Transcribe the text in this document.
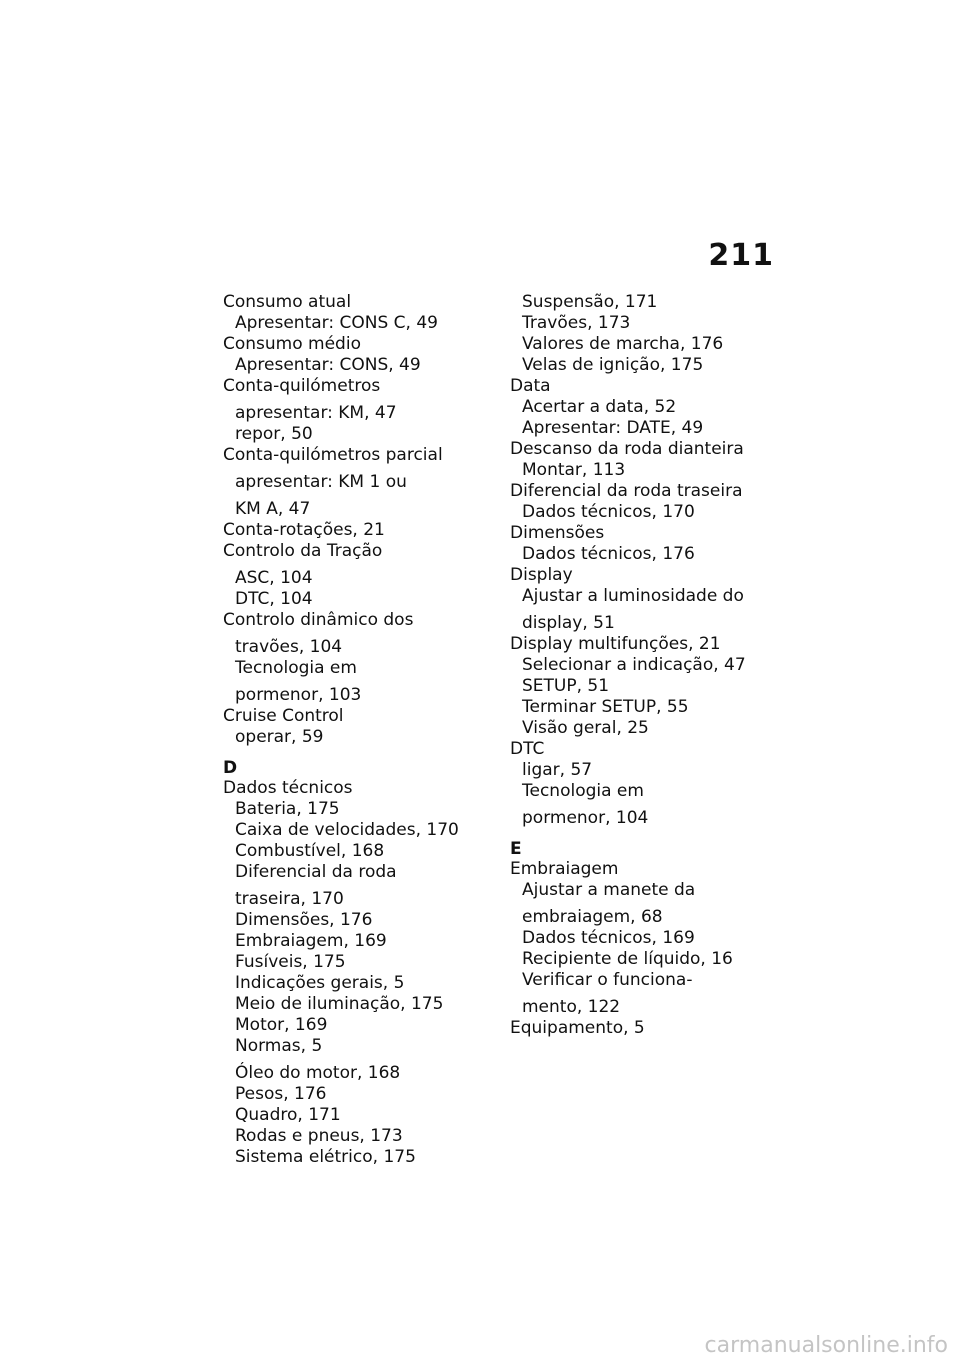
211
Consumo atual
Apresentar: CONS C, 49
Consumo médio
Apresentar: CONS, 49
Conta-quilómetros
apresentar: KM, 47
repor, 50
Conta-quilómetros parcial
apresentar: KM 1 ou
KM A, 47
Conta-rotações, 21
Controlo da Tração
ASC, 104
DTC, 104
Controlo dinâmico dos
travões, 104
Tecnologia em
pormenor, 103
Cruise Control
operar, 59
D
Dados técnicos
Bateria, 175
Caixa de velocidades, 170
Combustível, 168
Diferencial da roda
traseira, 170
Dimensões, 176
Embraiagem, 169
Fusíveis, 175
Indicações gerais, 5
Meio de iluminação, 175
Motor, 169
Normas, 5
Óleo do motor, 168
Pesos, 176
Quadro, 171
Rodas e pneus, 173
Sistema elétrico, 175
Suspensão, 171
Travões, 173
Valores de marcha, 176
Velas de ignição, 175
Data
Acertar a data, 52
Apresentar: DATE, 49
Descanso da roda dianteira
Montar, 113
Diferencial da roda traseira
Dados técnicos, 170
Dimensões
Dados técnicos, 176
Display
Ajustar a luminosidade do
display, 51
Display multifunções, 21
Selecionar a indicação, 47
SETUP, 51
Terminar SETUP, 55
Visão geral, 25
DTC
ligar, 57
Tecnologia em
pormenor, 104
E
Embraiagem
Ajustar a manete da
embraiagem, 68
Dados técnicos, 169
Recipiente de líquido, 16
Verificar o funciona-
mento, 122
Equipamento, 5
carmanualsonline.info
